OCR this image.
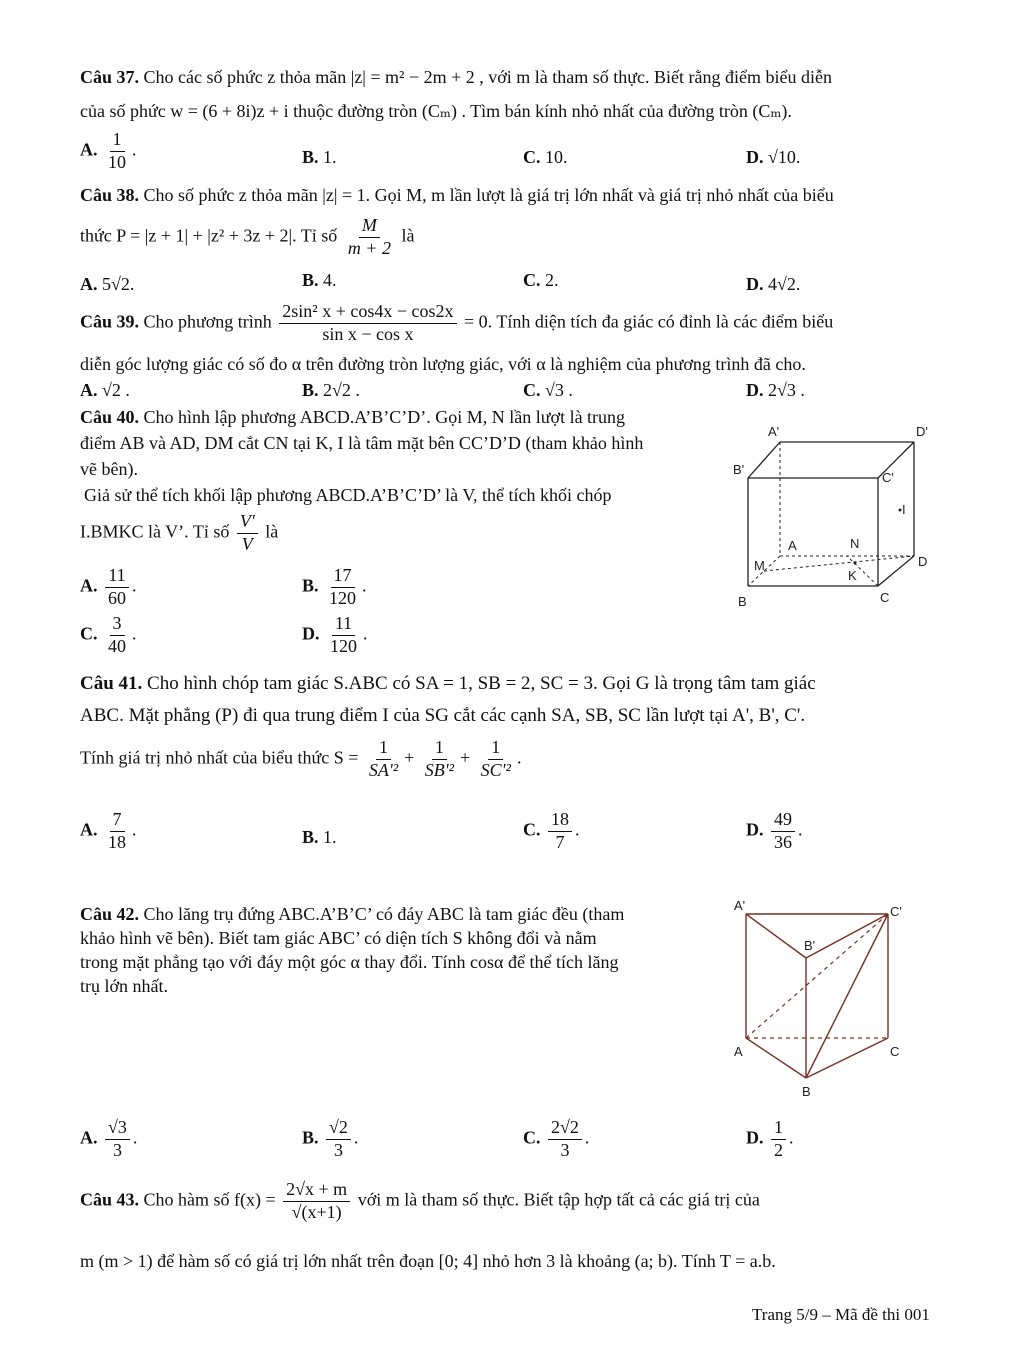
Câu 37. Cho các số phức z thỏa mãn |z| = m² − 2m + 2 , với m là tham số thực. Biết rằng điểm biểu diễn
của số phức w = (6 + 8i)z + i thuộc đường tròn (Cₘ) . Tìm bán kính nhỏ nhất của đường tròn (Cₘ).
A. $\frac{1}{10}$ .	B. 1.	C. 10.	D. √10.
Câu 38. Cho số phức z thỏa mãn |z| = 1. Gọi M, m lần lượt là giá trị lớn nhất và giá trị nhỏ nhất của biểu
thức P = |z + 1| + |z² + 3z + 2|. Tỉ số $\frac{M}{m + 2}$ là
A. 5√2.	B. 4.	C. 2.	D. 4√2.
Câu 39. Cho phương trình $\frac{\text{2sin² x + cos4x − cos2x}}{\text{sin x − cos x}} = 0$. Tính diện tích đa giác có đỉnh là các điểm biểu
diễn góc lượng giác có số đo α trên đường tròn lượng giác, với α là nghiệm của phương trình đã cho.
A. √2 .	B. 2√2 .	C. √3 .	D. 2√3 .
Câu 40. Cho hình lập phương ABCD.A’B’C’D’. Gọi M, N lần lượt là trung
điểm AB và AD, DM cắt CN tại K, I là tâm mặt bên CC’D’D (tham khảo hình
vẽ bên).
Giả sử thể tích khối lập phương ABCD.A’B’C’D’ là V, thể tích khối chóp
I.BMKC là V’. Tỉ số $\frac{V'}{V}$ là
A. $\frac{11}{60}$ .	B. $\frac{17}{120}$ .
C. $\frac{3}{40}$ .	D. $\frac{11}{120}$ .
A'	D'
B'
C'
I
A	N
D
M
K
B	C
Câu 41. Cho hình chóp tam giác S.ABC có SA = 1, SB = 2, SC = 3. Gọi G là trọng tâm tam giác
ABC. Mặt phẳng (P) đi qua trung điểm I của SG cắt các cạnh SA, SB, SC lần lượt tại A', B', C'.
Tính giá trị nhỏ nhất của biểu thức $S = \frac{1}{\text{SA'²}} + \frac{1}{\text{SB'²}} + \frac{1}{\text{SC'²}}$ .
A. $\frac{7}{18}$ .	B. 1.	C. $\frac{18}{7}$ .	D. $\frac{49}{36}$ .
Câu 42. Cho lăng trụ đứng ABC.A’B’C’ có đáy ABC là tam giác đều (tham
khảo hình vẽ bên). Biết tam giác ABC’ có diện tích S không đổi và nằm
trong mặt phẳng tạo với đáy một góc α thay đổi. Tính cosα để thể tích lăng
trụ lớn nhất.
A'	C'
B'
A	C
B
A. $\frac{√3}{3}$ .	B. $\frac{√2}{3}$ .	C. $\frac{2√2}{3}$ .	D. $\frac{1}{2}$ .
Câu 43. Cho hàm số $f(x) = \frac{2√x + m}{√(x+1)}$ với m là tham số thực. Biết tập hợp tất cả các giá trị của
m (m > 1) để hàm số có giá trị lớn nhất trên đoạn [0; 4] nhỏ hơn 3 là khoảng (a; b). Tính T = a.b.
Trang 5/9 – Mã đề thi 001
